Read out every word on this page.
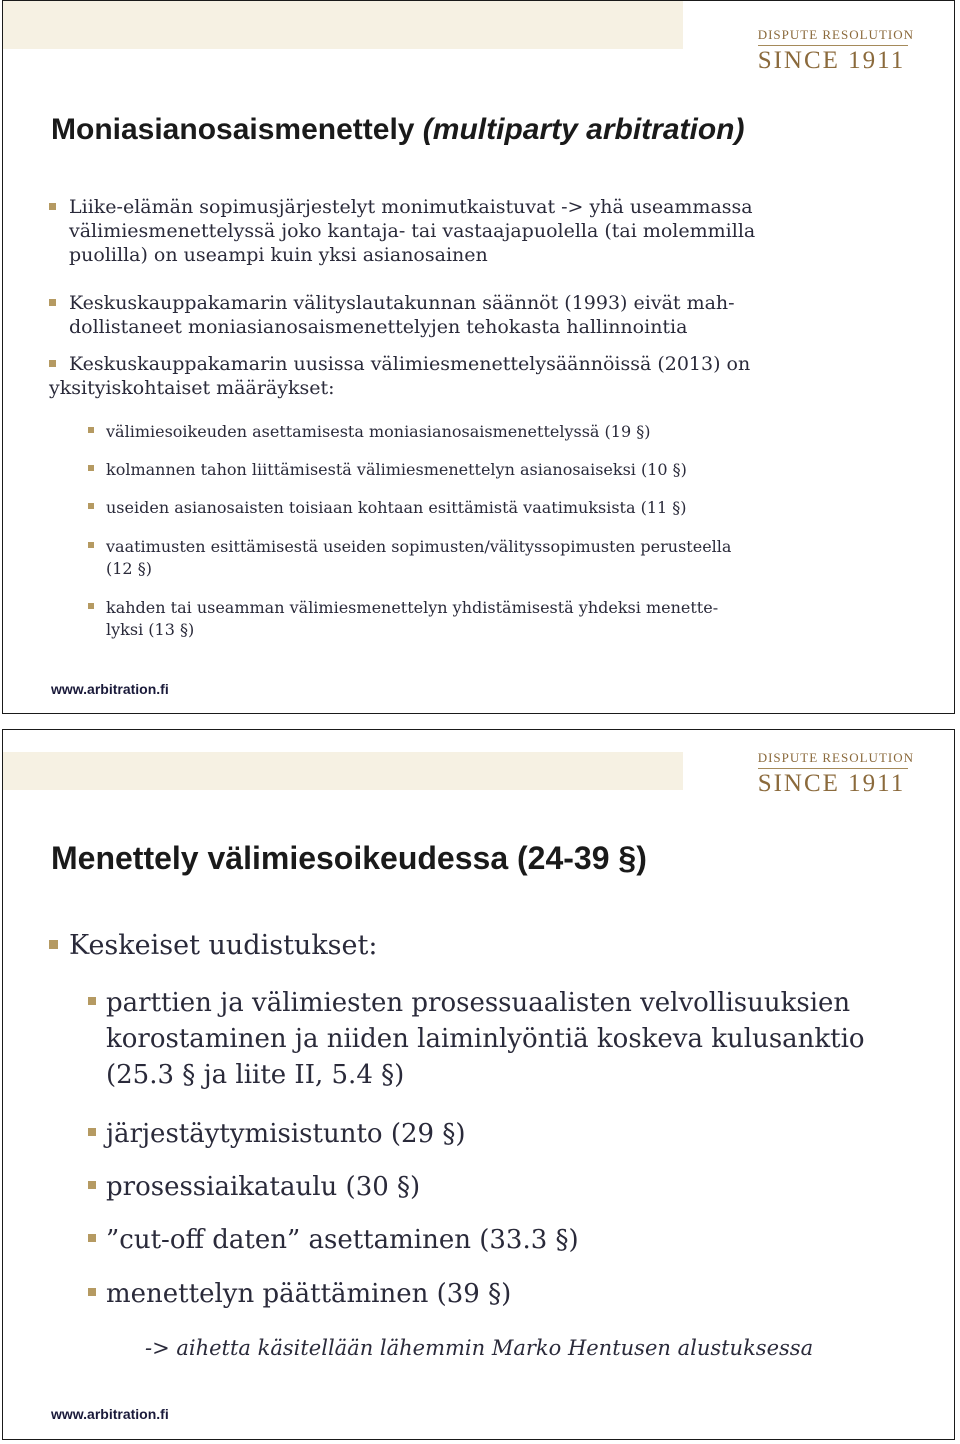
DISPUTE RESOLUTION
SINCE 1911
Moniasianosaismenettely (multiparty arbitration)
Liike-elämän sopimusjärjestelyt monimutkaistuvat -> yhä useammassa
välimiesmenettelyssä joko kantaja- tai vastaajapuolella (tai molemmilla
puolilla) on useampi kuin yksi asianosainen
Keskuskauppakamarin välityslautakunnan säännöt (1993) eivät mah-
dollistaneet moniasianosaismenettelyjen tehokasta hallinnointia
Keskuskauppakamarin uusissa välimiesmenettelysäännöissä (2013) on
yksityiskohtaiset määräykset:
välimiesoikeuden asettamisesta moniasianosaismenettelyssä (19 §)
kolmannen tahon liittämisestä välimiesmenettelyn asianosaiseksi (10 §)
useiden asianosaisten toisiaan kohtaan esittämistä vaatimuksista (11 §)
vaatimusten esittämisestä useiden sopimusten/välityssopimusten perusteella
(12 §)
kahden tai useamman välimiesmenettelyn yhdistämisestä yhdeksi menette-
lyksi (13 §)
www.arbitration.fi
DISPUTE RESOLUTION
SINCE 1911
Menettely välimiesoikeudessa (24-39 §)
Keskeiset uudistukset:
parttien ja välimiesten prosessuaalisten velvollisuuksien
korostaminen ja niiden laiminlyöntiä koskeva kulusanktio
(25.3 § ja liite II, 5.4 §)
järjestäytymisistunto (29 §)
prosessiaikataulu (30 §)
”cut-off daten” asettaminen (33.3 §)
menettelyn päättäminen (39 §)
-> aihetta käsitellään lähemmin Marko Hentusen alustuksessa
www.arbitration.fi
